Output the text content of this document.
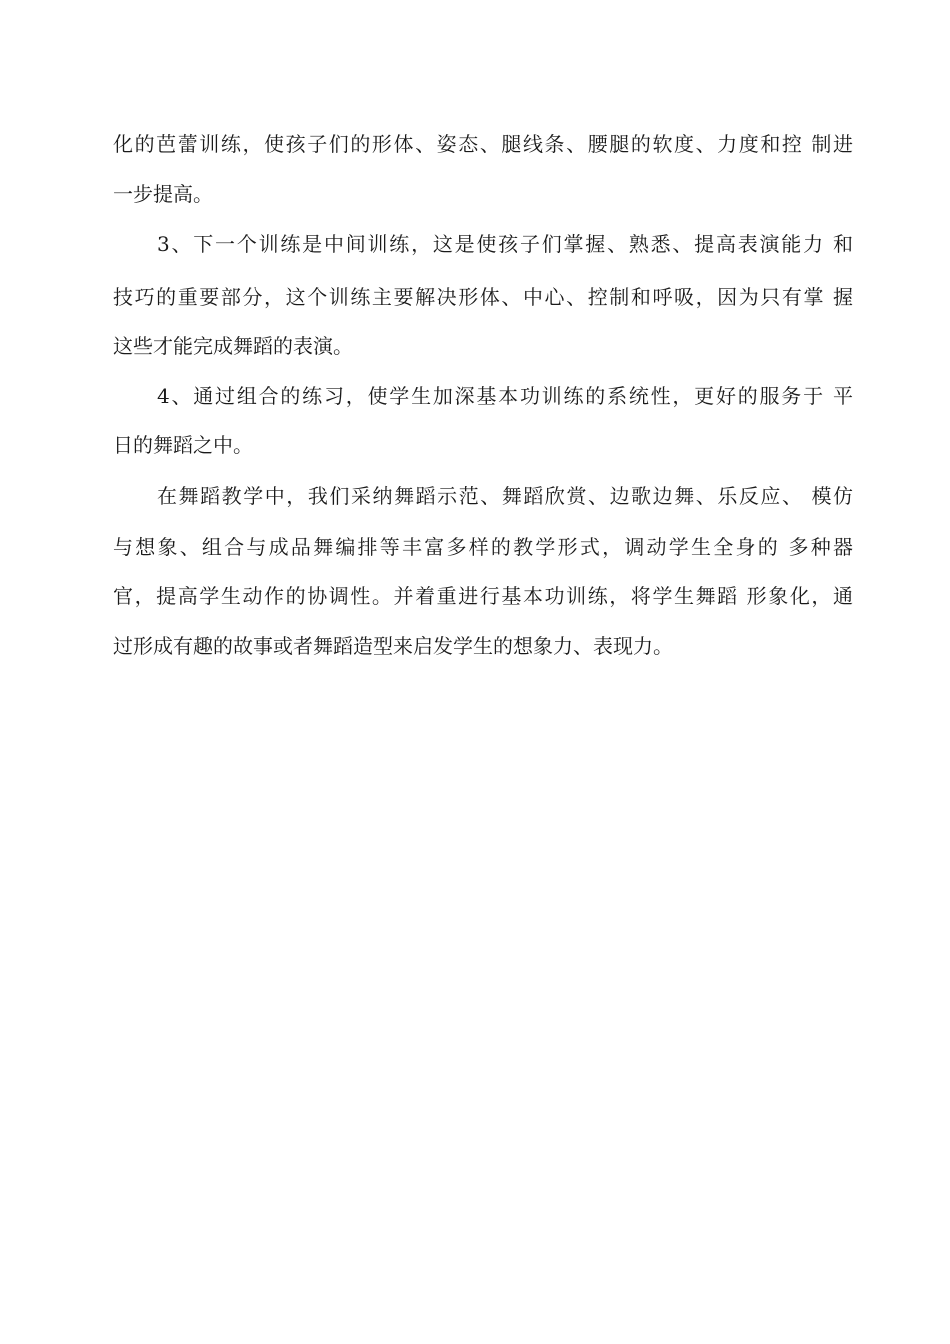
化的芭蕾训练，使孩子们的形体、姿态、腿线条、腰腿的软度、力度和控 制进
一步提高。
3、下一个训练是中间训练，这是使孩子们掌握、熟悉、提高表演能力 和
技巧的重要部分，这个训练主要解决形体、中心、控制和呼吸，因为只有掌 握
这些才能完成舞蹈的表演。
4、通过组合的练习，使学生加深基本功训练的系统性，更好的服务于 平
日的舞蹈之中。
在舞蹈教学中，我们采纳舞蹈示范、舞蹈欣赏、边歌边舞、乐反应、 模仿
与想象、组合与成品舞编排等丰富多样的教学形式，调动学生全身的 多种器
官，提高学生动作的协调性。并着重进行基本功训练，将学生舞蹈 形象化，通
过形成有趣的故事或者舞蹈造型来启发学生的想象力、表现力。
